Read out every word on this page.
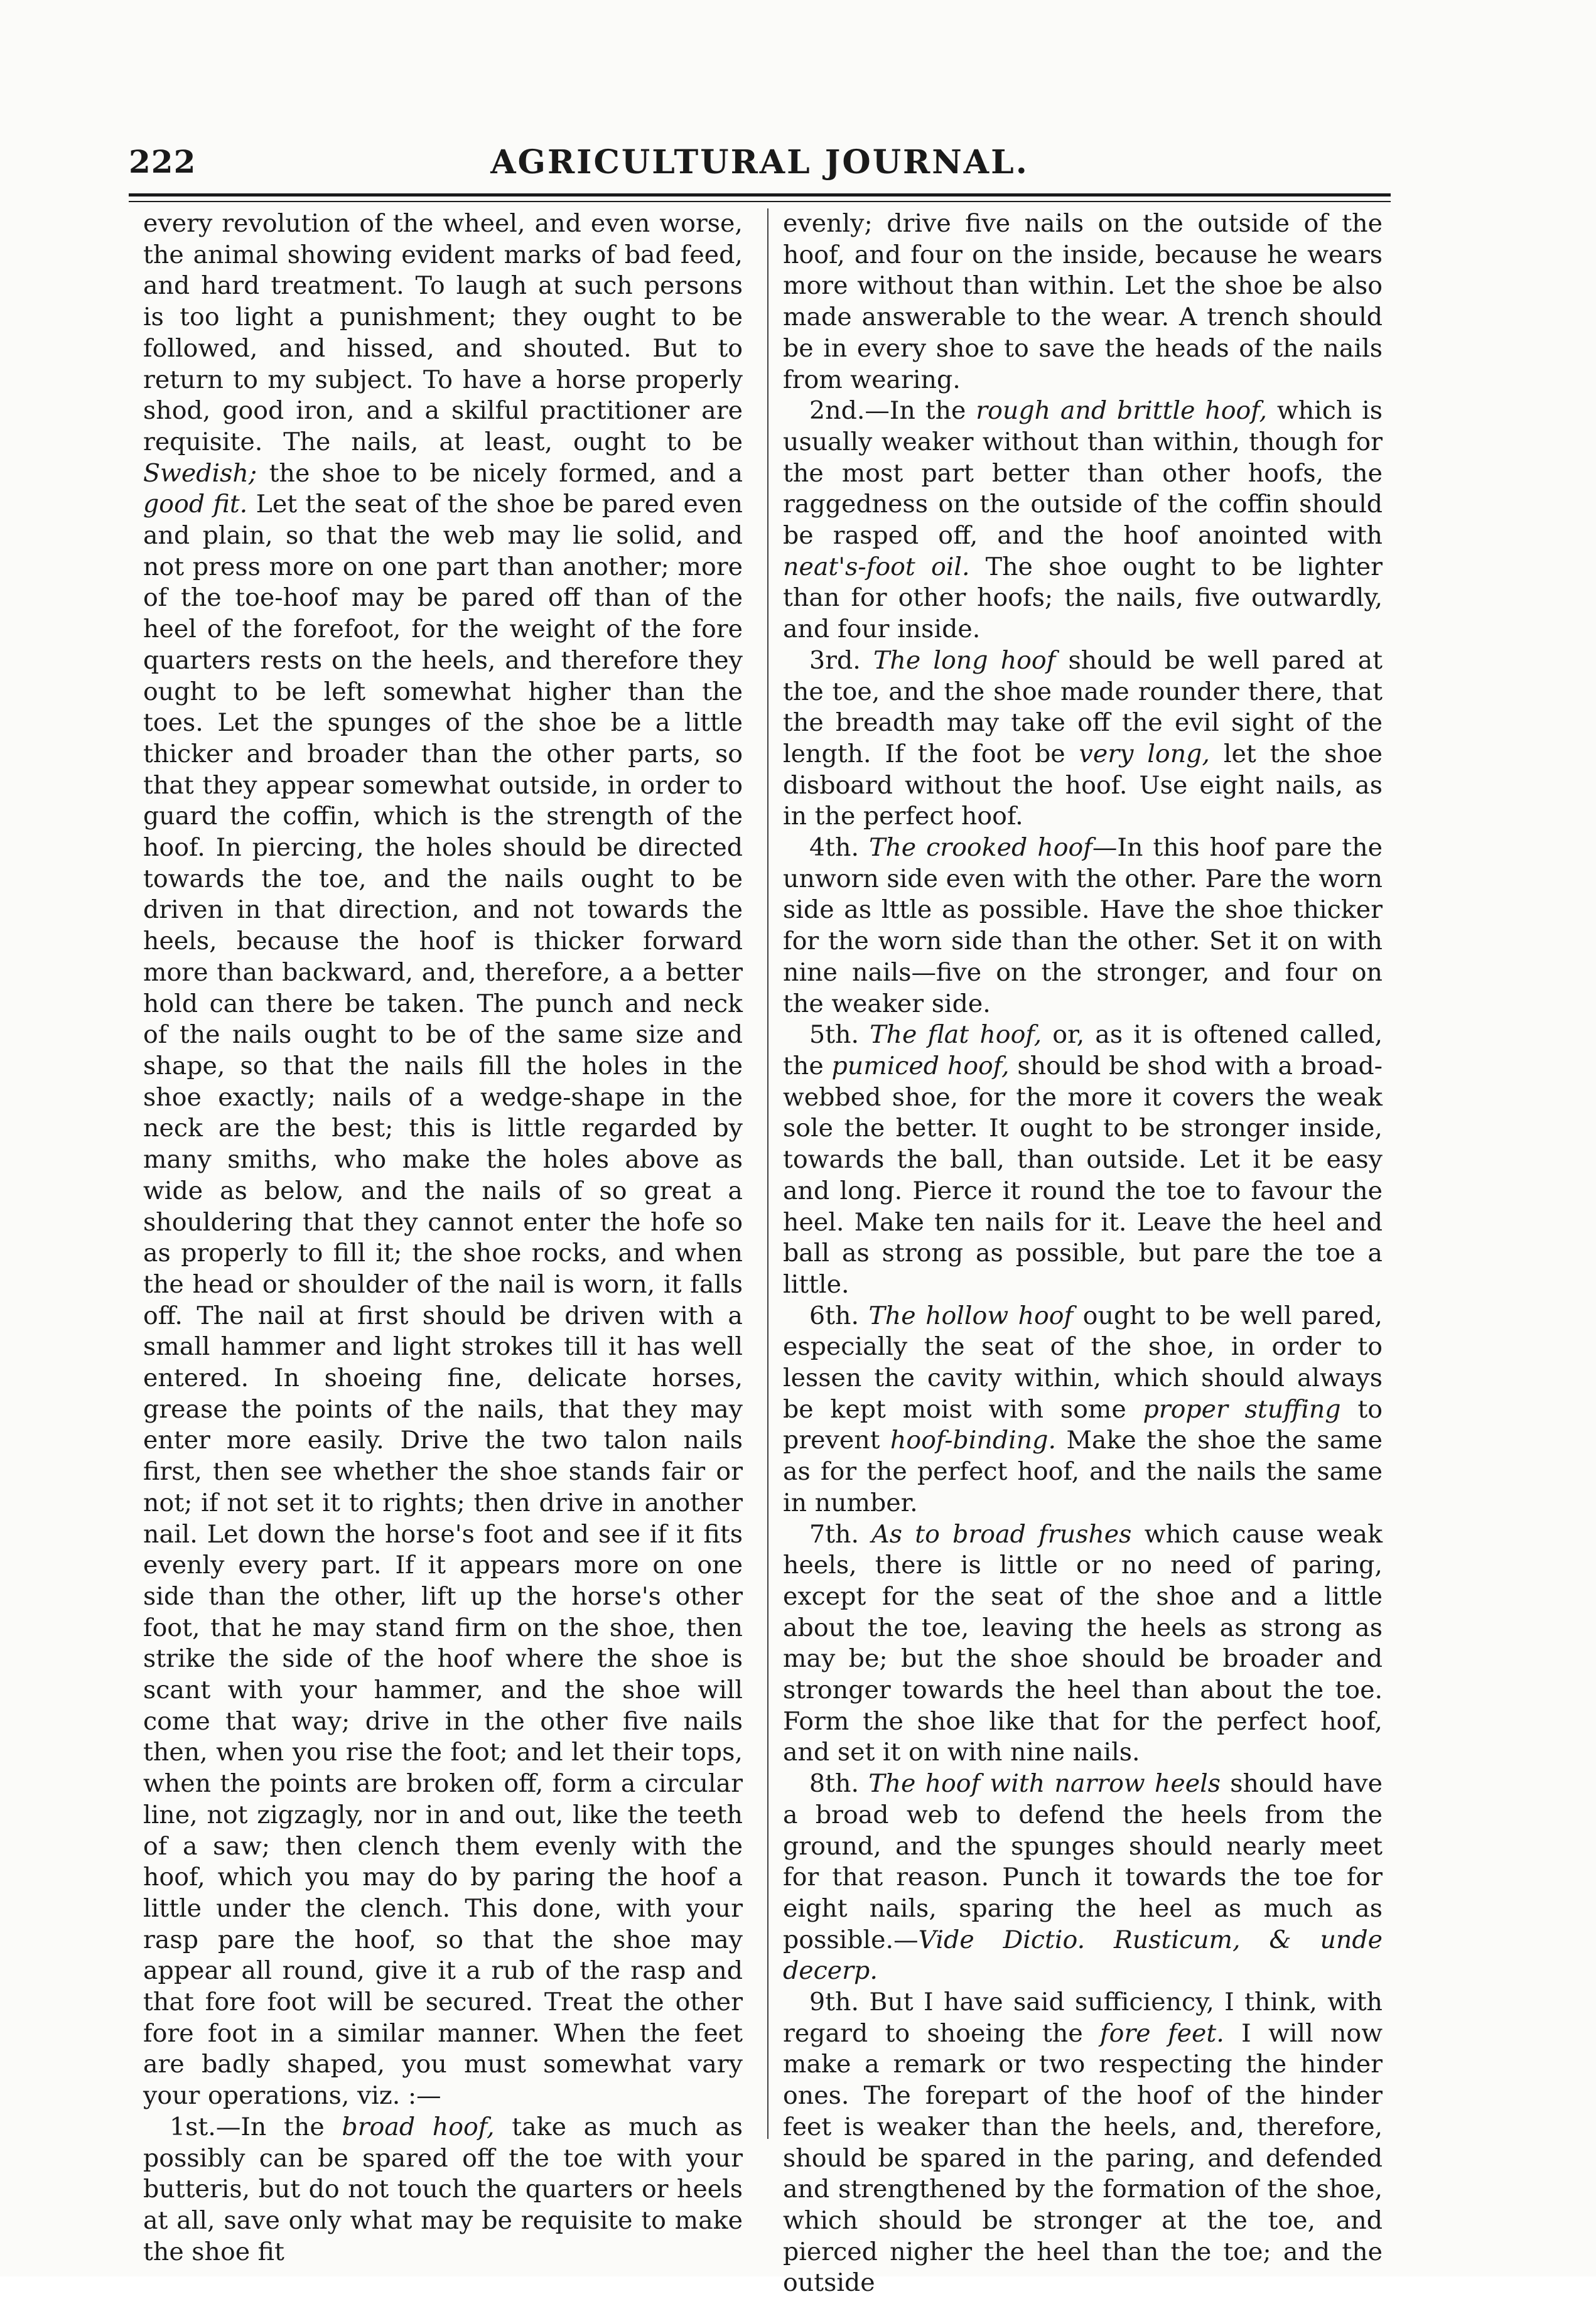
222	AGRICULTURAL JOURNAL.

every revolution of the wheel, and even worse, the animal showing evident marks of bad feed, and hard treatment. To laugh at such persons is too light a punishment; they ought to be followed, and hissed, and shouted. But to return to my subject. To have a horse properly shod, good iron, and a skilful practitioner are requisite. The nails, at least, ought to be Swedish; the shoe to be nicely formed, and a good fit. Let the seat of the shoe be pared even and plain, so that the web may lie solid, and not press more on one part than another; more of the toe-hoof may be pared off than of the heel of the forefoot, for the weight of the fore quarters rests on the heels, and therefore they ought to be left somewhat higher than the toes. Let the spunges of the shoe be a little thicker and broader than the other parts, so that they appear somewhat outside, in order to guard the coffin, which is the strength of the hoof. In piercing, the holes should be directed towards the toe, and the nails ought to be driven in that direction, and not towards the heels, because the hoof is thicker forward more than backward, and, therefore, a a better hold can there be taken. The punch and neck of the nails ought to be of the same size and shape, so that the nails fill the holes in the shoe exactly; nails of a wedge-shape in the neck are the best; this is little regarded by many smiths, who make the holes above as wide as below, and the nails of so great a shouldering that they cannot enter the hofe so as properly to fill it; the shoe rocks, and when the head or shoulder of the nail is worn, it falls off. The nail at first should be driven with a small hammer and light strokes till it has well entered. In shoeing fine, delicate horses, grease the points of the nails, that they may enter more easily. Drive the two talon nails first, then see whether the shoe stands fair or not; if not set it to rights; then drive in another nail. Let down the horse's foot and see if it fits evenly every part. If it appears more on one side than the other, lift up the horse's other foot, that he may stand firm on the shoe, then strike the side of the hoof where the shoe is scant with your hammer, and the shoe will come that way; drive in the other five nails then, when you rise the foot; and let their tops, when the points are broken off, form a circular line, not zigzagly, nor in and out, like the teeth of a saw; then clench them evenly with the hoof, which you may do by paring the hoof a little under the clench. This done, with your rasp pare the hoof, so that the shoe may appear all round, give it a rub of the rasp and that fore foot will be secured. Treat the other fore foot in a similar manner. When the feet are badly shaped, you must somewhat vary your operations, viz. :—

1st.—In the broad hoof, take as much as possibly can be spared off the toe with your butteris, but do not touch the quarters or heels at all, save only what may be requisite to make the shoe fit

evenly; drive five nails on the outside of the hoof, and four on the inside, because he wears more without than within. Let the shoe be also made answerable to the wear. A trench should be in every shoe to save the heads of the nails from wearing.

2nd.—In the rough and brittle hoof, which is usually weaker without than within, though for the most part better than other hoofs, the raggedness on the outside of the coffin should be rasped off, and the hoof anointed with neat's-foot oil. The shoe ought to be lighter than for other hoofs; the nails, five outwardly, and four inside.

3rd. The long hoof should be well pared at the toe, and the shoe made rounder there, that the breadth may take off the evil sight of the length. If the foot be very long, let the shoe disboard without the hoof. Use eight nails, as in the perfect hoof.

4th. The crooked hoof—In this hoof pare the unworn side even with the other. Pare the worn side as lttle as possible. Have the shoe thicker for the worn side than the other. Set it on with nine nails—five on the stronger, and four on the weaker side.

5th. The flat hoof, or, as it is oftened called, the pumiced hoof, should be shod with a broad-webbed shoe, for the more it covers the weak sole the better. It ought to be stronger inside, towards the ball, than outside. Let it be easy and long. Pierce it round the toe to favour the heel. Make ten nails for it. Leave the heel and ball as strong as possible, but pare the toe a little.

6th. The hollow hoof ought to be well pared, especially the seat of the shoe, in order to lessen the cavity within, which should always be kept moist with some proper stuffing to prevent hoof-binding. Make the shoe the same as for the perfect hoof, and the nails the same in number.

7th. As to broad frushes which cause weak heels, there is little or no need of paring, except for the seat of the shoe and a little about the toe, leaving the heels as strong as may be; but the shoe should be broader and stronger towards the heel than about the toe. Form the shoe like that for the perfect hoof, and set it on with nine nails.

8th. The hoof with narrow heels should have a broad web to defend the heels from the ground, and the spunges should nearly meet for that reason. Punch it towards the toe for eight nails, sparing the heel as much as possible.—Vide Dictio. Rusticum, & unde decerp.

9th. But I have said sufficiency, I think, with regard to shoeing the fore feet. I will now make a remark or two respecting the hinder ones. The forepart of the hoof of the hinder feet is weaker than the heels, and, therefore, should be spared in the paring, and defended and strengthened by the formation of the shoe, which should be stronger at the toe, and pierced nigher the heel than the toe; and the outside
